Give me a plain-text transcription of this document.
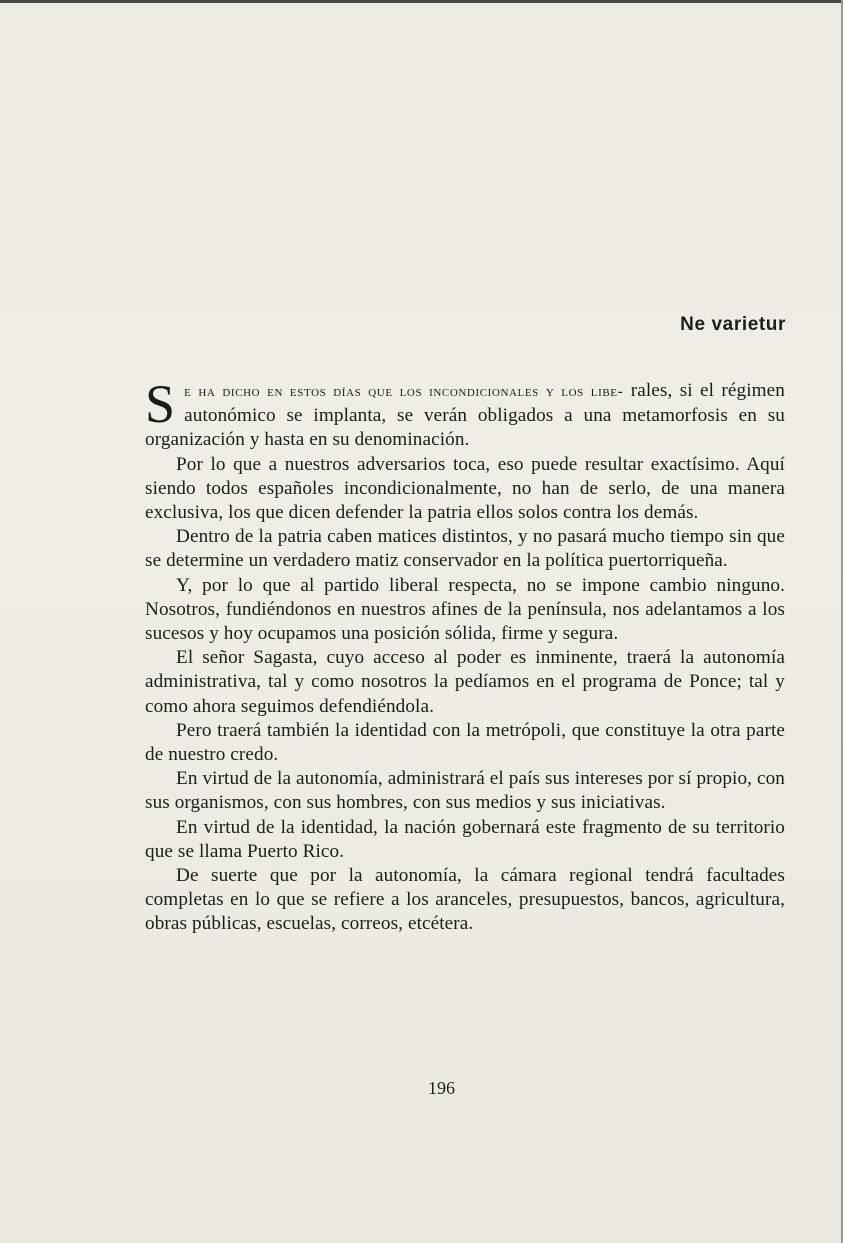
Ne varietur

Se ha dicho en estos días que los incondicionales y los libe- rales, si el régimen autonómico se implanta, se verán obligados a una metamorfosis en su organización y hasta en su denominación.

Por lo que a nuestros adversarios toca, eso puede resultar exactísimo. Aquí siendo todos españoles incondicionalmente, no han de serlo, de una manera exclusiva, los que dicen defender la patria ellos solos contra los demás.

Dentro de la patria caben matices distintos, y no pasará mucho tiempo sin que se determine un verdadero matiz conservador en la política puertorriqueña.

Y, por lo que al partido liberal respecta, no se impone cambio ninguno. Nosotros, fundiéndonos en nuestros afines de la península, nos adelantamos a los sucesos y hoy ocupamos una posición sólida, firme y segura.

El señor Sagasta, cuyo acceso al poder es inminente, traerá la autonomía administrativa, tal y como nosotros la pedíamos en el programa de Ponce; tal y como ahora seguimos defendiéndola.

Pero traerá también la identidad con la metrópoli, que constituye la otra parte de nuestro credo.

En virtud de la autonomía, administrará el país sus intereses por sí propio, con sus organismos, con sus hombres, con sus medios y sus iniciativas.

En virtud de la identidad, la nación gobernará este fragmento de su territorio que se llama Puerto Rico.

De suerte que por la autonomía, la cámara regional tendrá facultades completas en lo que se refiere a los aranceles, presupuestos, bancos, agricultura, obras públicas, escuelas, correos, etcétera.

196
